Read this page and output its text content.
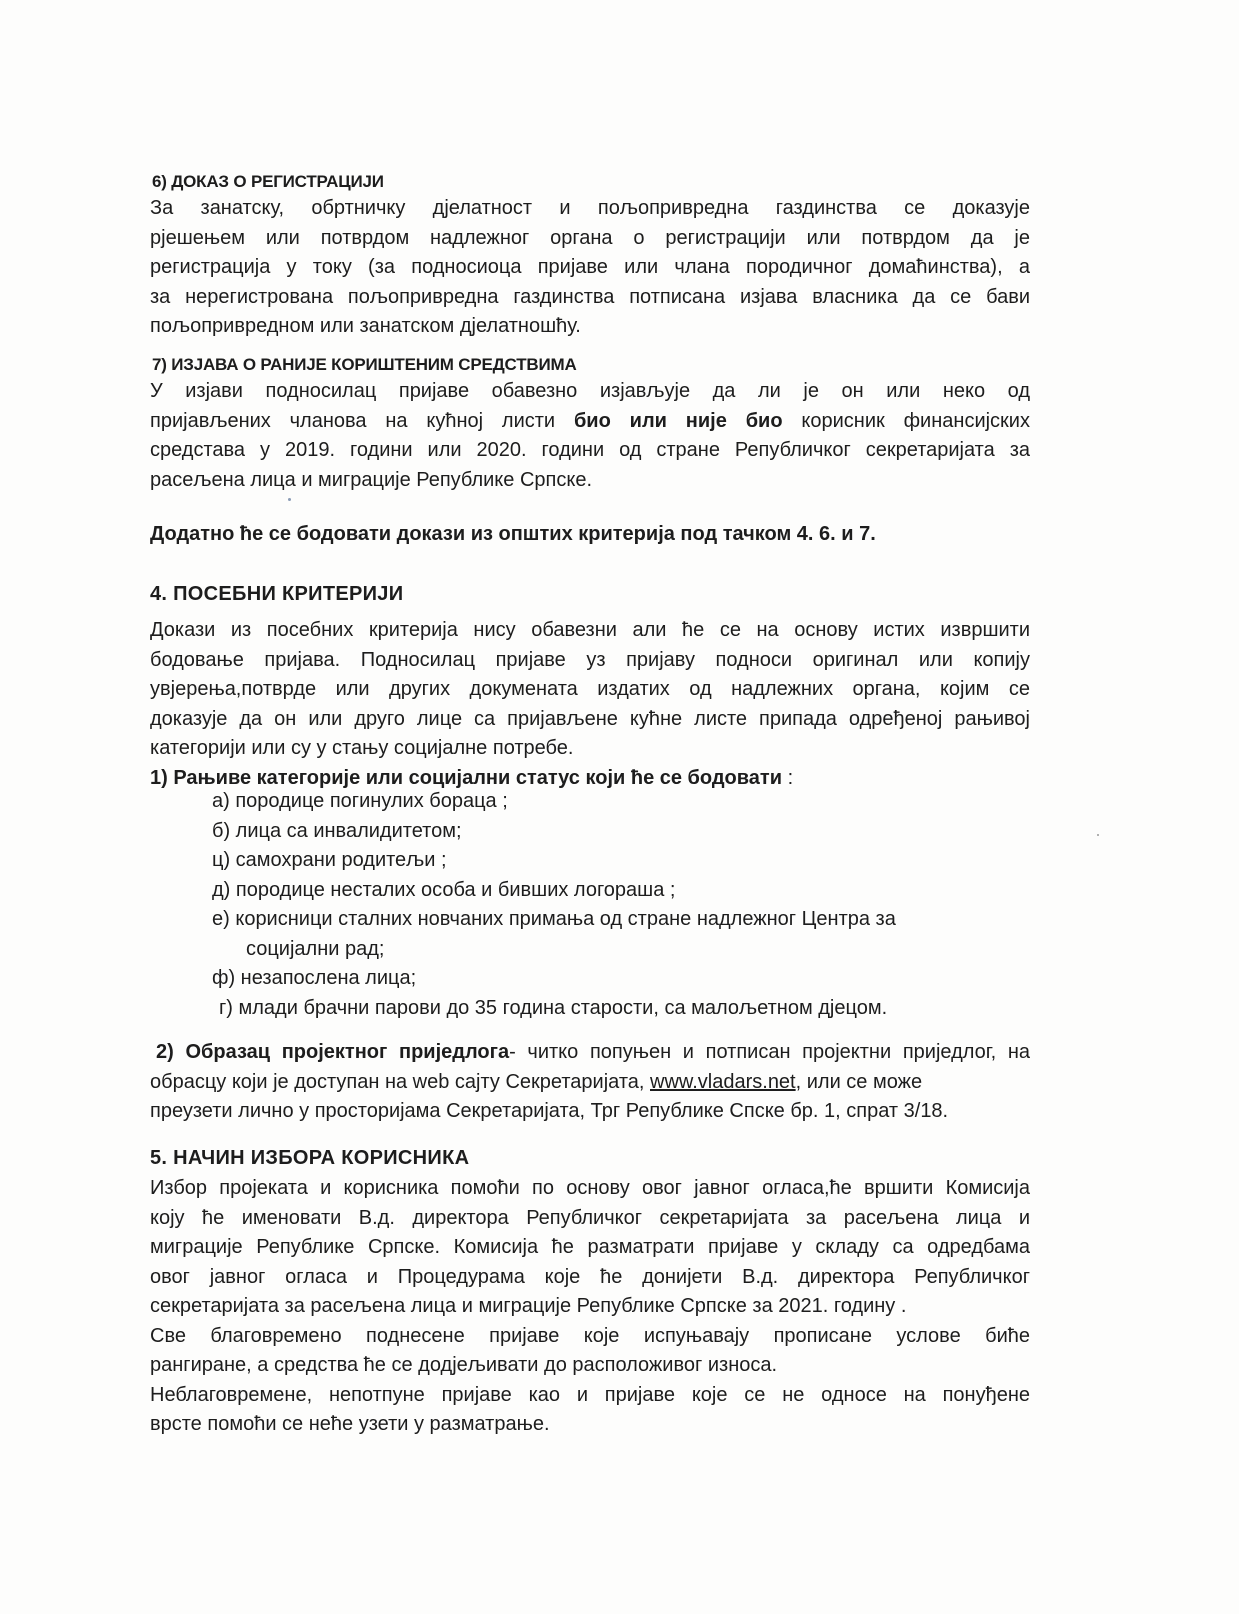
6) ДОКАЗ О РЕГИСТРАЦИЈИ

За занатску, обртничку дјелатност и пољопривредна газдинства се доказује

рјешењем или потврдом надлежног органа о регистрацији или потврдом да је

регистрација у току (за подносиоца пријаве или члана породичног домаћинства), а

за нерегистрована пољопривредна газдинства потписана изјава власника да се бави

пољопривредном или занатском дјелатношћу.

7) ИЗЈАВА О РАНИЈЕ КОРИШТЕНИМ СРЕДСТВИМА

У изјави подносилац пријаве обавезно изјављује да ли је он или неко од

пријављених чланова на кућној листи био или није био корисник финансијских

средстава у 2019. години или 2020. години од стране Републичког секретаријата за

расељена лица и миграције Републике Српске.

Додатно ће се бодовати докази из општих критерија под тачком 4. 6. и 7.

4. ПОСЕБНИ КРИТЕРИЈИ

Докази из посебних критерија нису обавезни али ће се на основу истих извршити

бодовање пријава. Подносилац пријаве уз пријаву подноси оригинал или копију

увјерења,потврде или других докумената издатих од надлежних органа, којим се

доказује да он или друго лице са пријављене кућне листе припада одређеној рањивој

категорији или су у стању социјалне потребе.

1) Рањиве категорије или социјални статус који ће се бодовати :

а) породице погинулих бораца ;
б) лица са инвалидитетом;
ц) самохрани родитељи ;
д) породице несталих особа и бивших логораша ;
е) корисници сталних новчаних примања од стране надлежног Центра за
социјални рад;
ф) незапослена лица;
г) млади брачни парови до 35 година старости, са малољетном дјецом.

2) Образац пројектног приједлога- читко попуњен и потписан пројектни приједлог, на

обрасцу који је доступан на web сајту Секретаријата, www.vladars.net, или се може

преузети лично у просторијама Секретаријата, Трг Републике Спске бр. 1, спрат 3/18.

5. НАЧИН ИЗБОРА КОРИСНИКА

Избор пројеката и корисника помоћи по основу овог јавног огласа,ће вршити Комисија

коју ће именовати В.д. директора Републичког секретаријата за расељена лица и

миграције Републике Српске. Комисија ће разматрати пријаве у складу са одредбама

овог јавног огласа и Процедурама које ће донијети В.д. директора Републичког

секретаријата за расељена лица и миграције Републике Српске за 2021. годину .

Све благовремено поднесене пријаве које испуњавају прописане услове биће

рангиране, а средства ће се додјељивати до расположивог износа.

Неблаговремене, непотпуне пријаве као и пријаве које се не односе на понуђене

врсте помоћи се неће узети у разматрање.
